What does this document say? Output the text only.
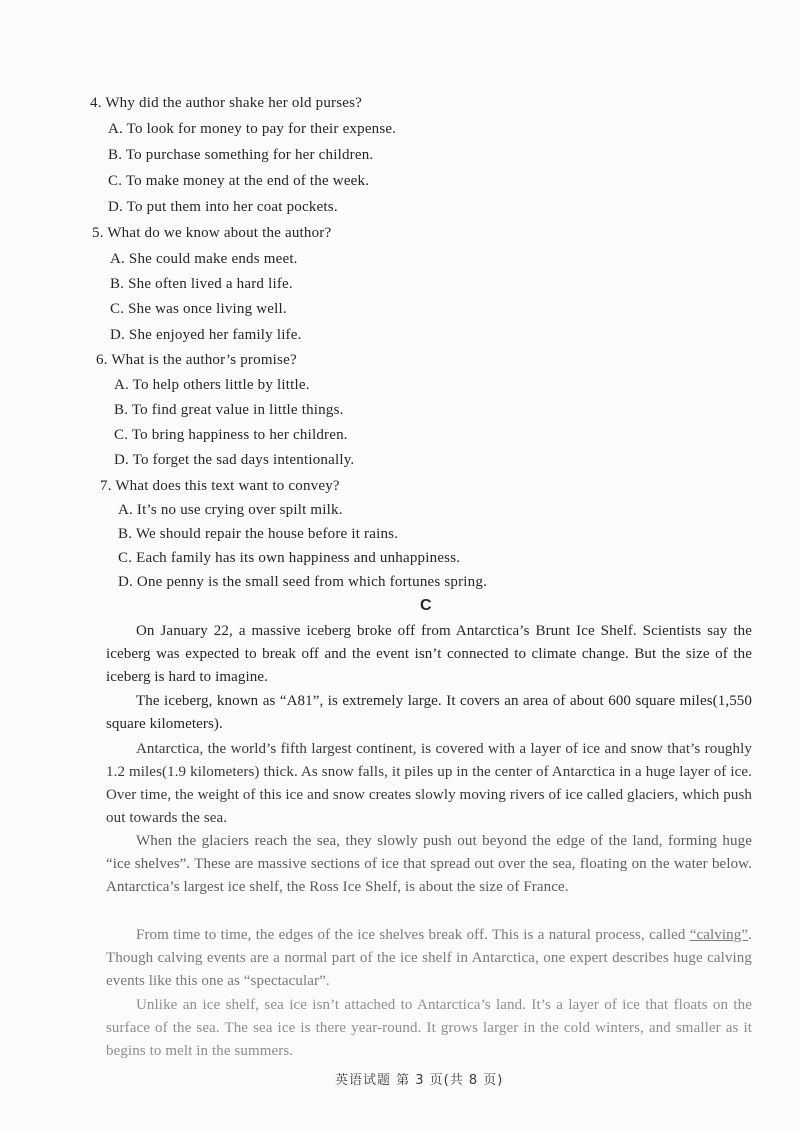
4. Why did the author shake her old purses?
A. To look for money to pay for their expense.
B. To purchase something for her children.
C. To make money at the end of the week.
D. To put them into her coat pockets.
5. What do we know about the author?
A. She could make ends meet.
B. She often lived a hard life.
C. She was once living well.
D. She enjoyed her family life.
6. What is the author’s promise?
A. To help others little by little.
B. To find great value in little things.
C. To bring happiness to her children.
D. To forget the sad days intentionally.
7. What does this text want to convey?
A. It’s no use crying over spilt milk.
B. We should repair the house before it rains.
C. Each family has its own happiness and unhappiness.
D. One penny is the small seed from which fortunes spring.
C
On January 22, a massive iceberg broke off from Antarctica’s Brunt Ice Shelf. Scientists say the iceberg was expected to break off and the event isn’t connected to climate change. But the size of the iceberg is hard to imagine.
The iceberg, known as “A81”, is extremely large. It covers an area of about 600 square miles(1,550 square kilometers).
Antarctica, the world’s fifth largest continent, is covered with a layer of ice and snow that’s roughly 1.2 miles(1.9 kilometers) thick. As snow falls, it piles up in the center of Antarctica in a huge layer of ice. Over time, the weight of this ice and snow creates slowly moving rivers of ice called glaciers, which push out towards the sea.
When the glaciers reach the sea, they slowly push out beyond the edge of the land, forming huge “ice shelves”. These are massive sections of ice that spread out over the sea, floating on the water below. Antarctica’s largest ice shelf, the Ross Ice Shelf, is about the size of France.
From time to time, the edges of the ice shelves break off. This is a natural process, called “calving”. Though calving events are a normal part of the ice shelf in Antarctica, one expert describes huge calving events like this one as “spectacular”.
Unlike an ice shelf, sea ice isn’t attached to Antarctica’s land. It’s a layer of ice that floats on the surface of the sea. The sea ice is there year-round. It grows larger in the cold winters, and smaller as it begins to melt in the summers.
英语试题 第 3 页(共 8 页)
